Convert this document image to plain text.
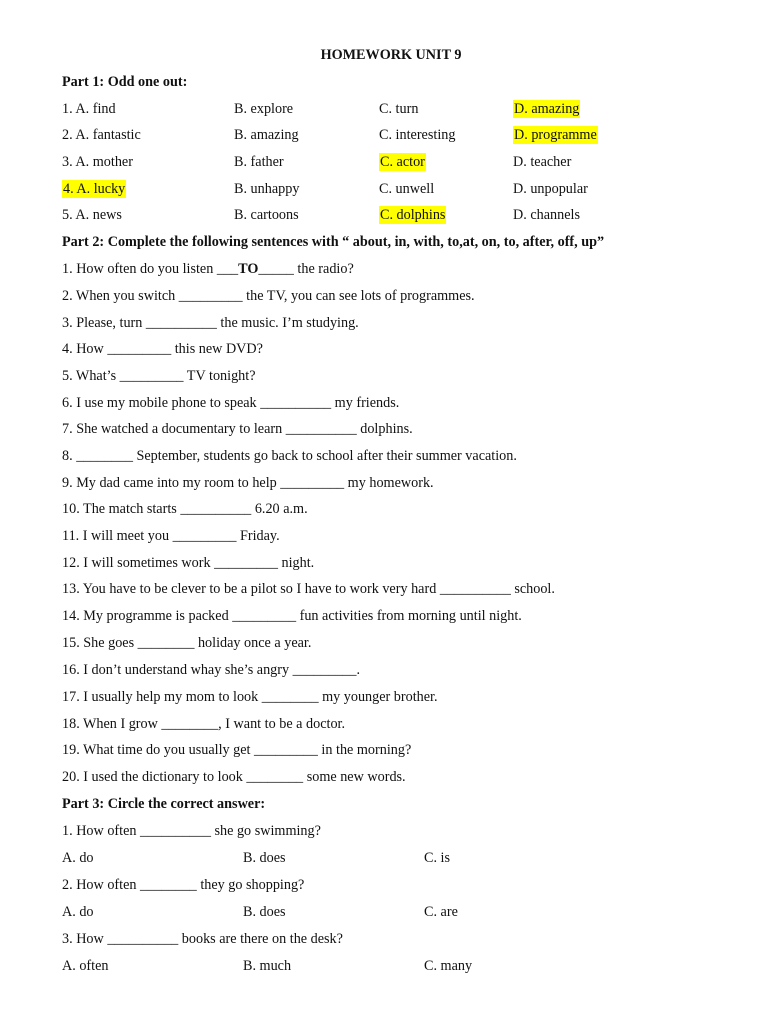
HOMEWORK UNIT 9
Part 1: Odd one out:
1. A. find	B. explore	C. turn	D. amazing
2. A. fantastic	B. amazing	C. interesting	D. programme
3. A. mother	B. father	C. actor	D. teacher
4. A. lucky	B. unhappy	C. unwell	D. unpopular
5. A. news	B. cartoons	C. dolphins	D. channels
Part 2: Complete the following sentences with “ about, in, with, to,at, on, to, after, off, up”
1. How often do you listen ___TO_____ the radio?
2. When you switch _________ the TV, you can see lots of programmes.
3. Please, turn __________ the music. I’m studying.
4. How _________ this new DVD?
5. What’s _________ TV tonight?
6. I use my mobile phone to speak __________ my friends.
7. She watched a documentary to learn __________ dolphins.
8. ________ September, students go back to school after their summer vacation.
9. My dad came into my room to help _________ my homework.
10. The match starts __________ 6.20 a.m.
11. I will meet you _________ Friday.
12. I will sometimes work _________ night.
13. You have to be clever to be a pilot so I have to work very hard __________ school.
14. My programme is packed _________ fun activities from morning until night.
15. She goes ________ holiday once a year.
16. I don’t understand whay she’s angry _________.
17. I usually help my mom to look ________ my younger brother.
18. When I grow ________, I want to be a doctor.
19. What time do you usually get _________ in the morning?
20. I used the dictionary to look ________ some new words.
Part 3: Circle the correct answer:
1. How often __________ she go swimming?
A. do	B. does	C. is
2. How often ________ they go shopping?
A. do	B. does	C. are
3. How __________ books are there on the desk?
A. often	B. much	C. many
